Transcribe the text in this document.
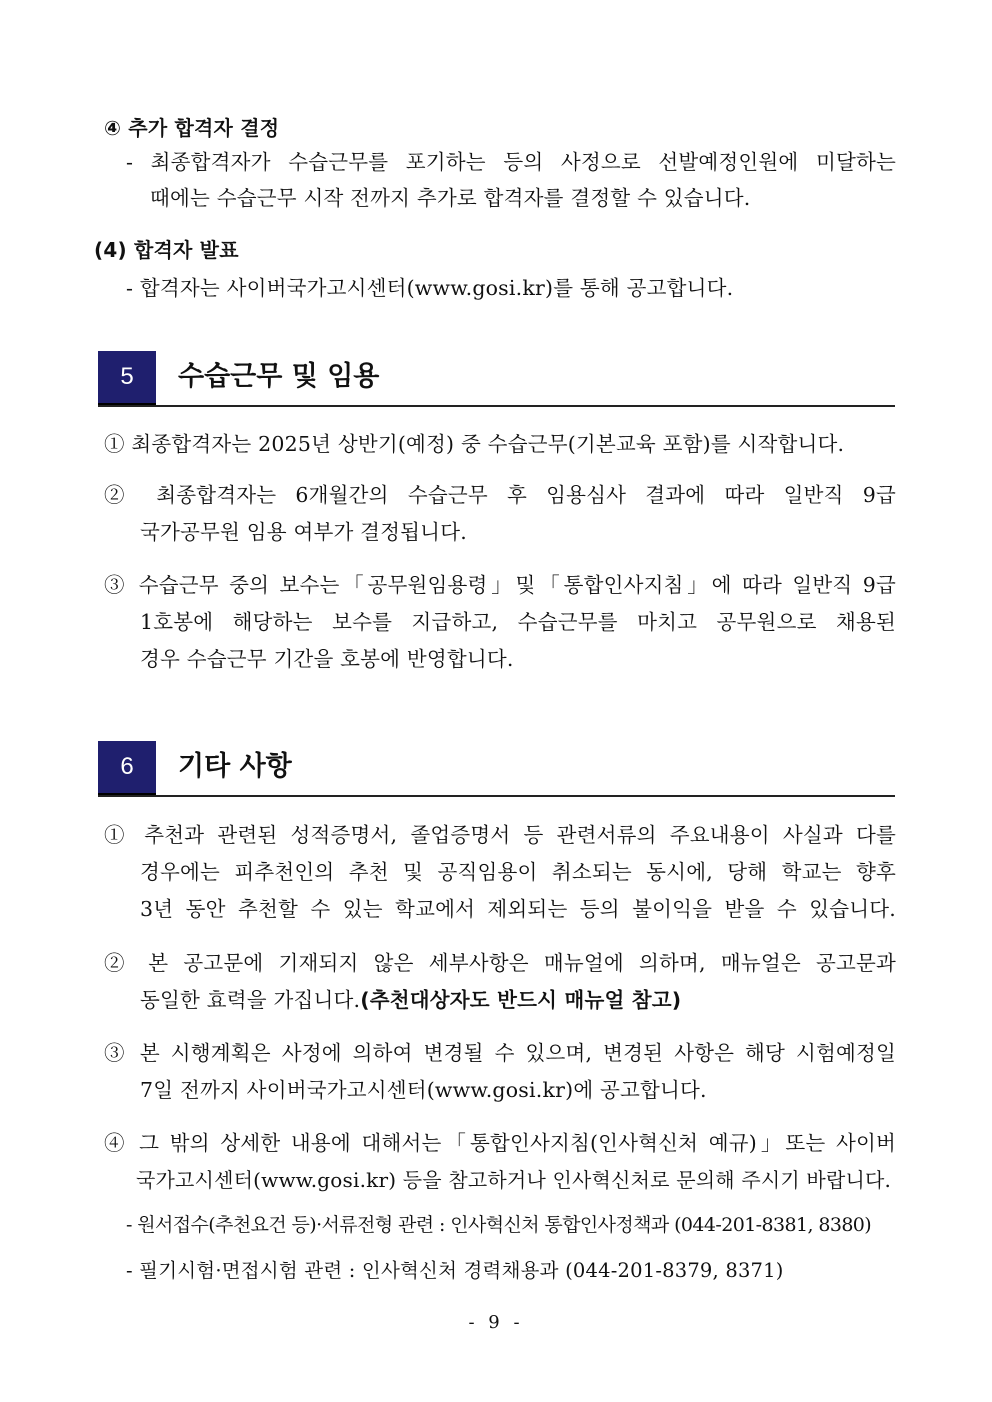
④ 추가 합격자 결정
- 최종합격자가 수습근무를 포기하는 등의 사정으로 선발예정인원에 미달하는
때에는 수습근무 시작 전까지 추가로 합격자를 결정할 수 있습니다.
(4) 합격자 발표
- 합격자는 사이버국가고시센터(www.gosi.kr)를 통해 공고합니다.
5	수습근무 및 임용
① 최종합격자는 2025년 상반기(예정) 중 수습근무(기본교육 포함)를 시작합니다.
② 최종합격자는 6개월간의 수습근무 후 임용심사 결과에 따라 일반직 9급
국가공무원 임용 여부가 결정됩니다.
③ 수습근무 중의 보수는「공무원임용령」및「통합인사지침」에 따라 일반직 9급
1호봉에 해당하는 보수를 지급하고, 수습근무를 마치고 공무원으로 채용된
경우 수습근무 기간을 호봉에 반영합니다.
6	기타 사항
① 추천과 관련된 성적증명서, 졸업증명서 등 관련서류의 주요내용이 사실과 다를
경우에는 피추천인의 추천 및 공직임용이 취소되는 동시에, 당해 학교는 향후
3년 동안 추천할 수 있는 학교에서 제외되는 등의 불이익을 받을 수 있습니다.
② 본 공고문에 기재되지 않은 세부사항은 매뉴얼에 의하며, 매뉴얼은 공고문과
동일한 효력을 가집니다.(추천대상자도 반드시 매뉴얼 참고)
③ 본 시행계획은 사정에 의하여 변경될 수 있으며, 변경된 사항은 해당 시험예정일
7일 전까지 사이버국가고시센터(www.gosi.kr)에 공고합니다.
④ 그 밖의 상세한 내용에 대해서는「통합인사지침(인사혁신처 예규)」또는 사이버
국가고시센터(www.gosi.kr) 등을 참고하거나 인사혁신처로 문의해 주시기 바랍니다.
- 원서접수(추천요건 등)·서류전형 관련 : 인사혁신처 통합인사정책과 (044-201-8381, 8380)
- 필기시험·면접시험 관련 : 인사혁신처 경력채용과 (044-201-8379, 8371)
- 9 -
